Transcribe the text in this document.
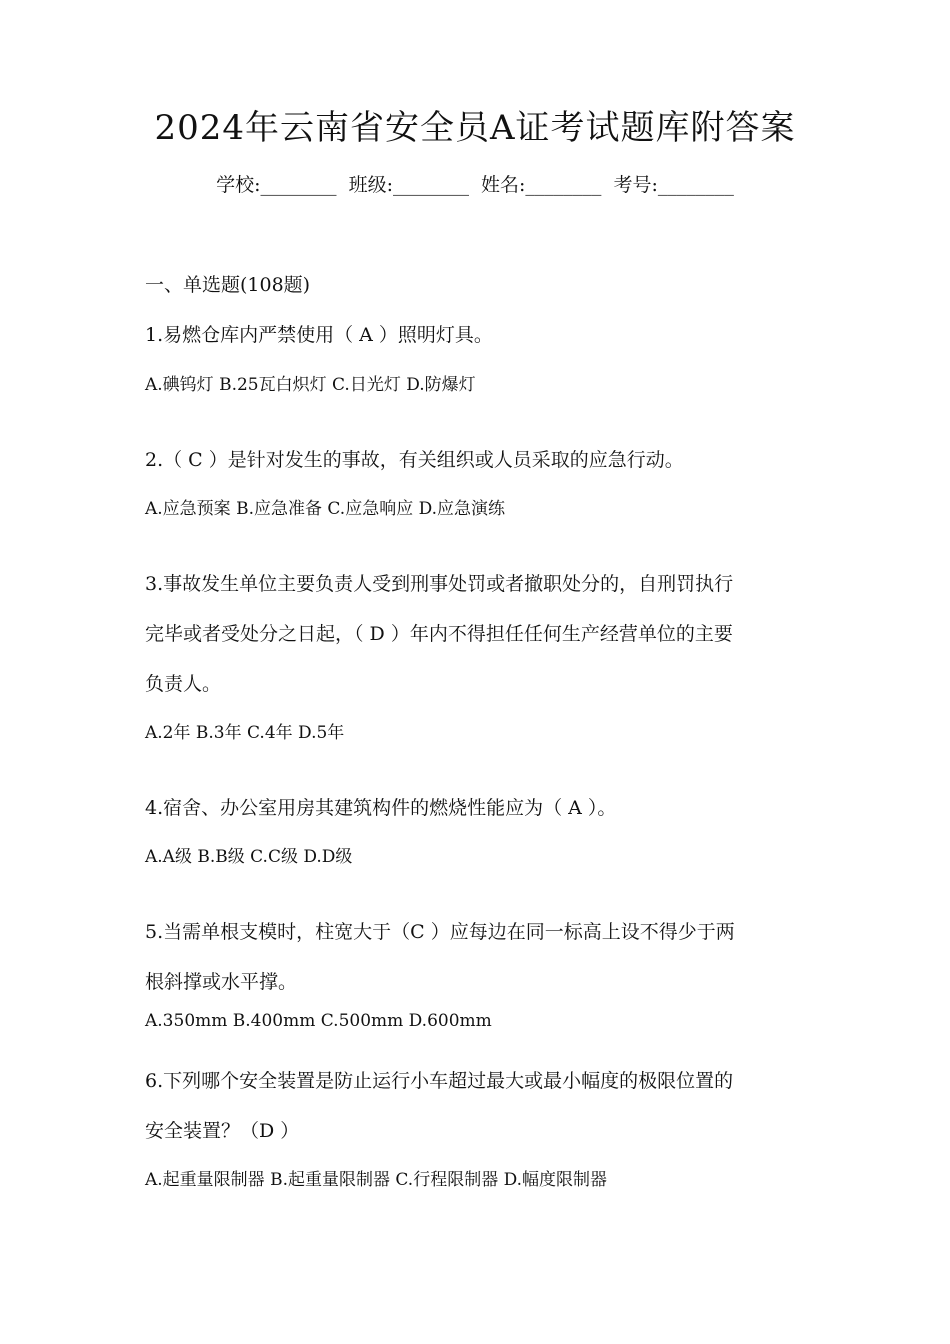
2024年云南省安全员A证考试题库附答案
学校:________ 班级:________ 姓名:________ 考号:________
一、单选题(108题)
1.易燃仓库内严禁使用（ A ）照明灯具。
A.碘钨灯 B.25瓦白炽灯 C.日光灯 D.防爆灯
2.（ C ）是针对发生的事故，有关组织或人员采取的应急行动。
A.应急预案 B.应急准备 C.应急响应 D.应急演练
3.事故发生单位主要负责人受到刑事处罚或者撤职处分的，自刑罚执行
完毕或者受处分之日起，（ D ）年内不得担任任何生产经营单位的主要
负责人。
A.2年 B.3年 C.4年 D.5年
4.宿舍、办公室用房其建筑构件的燃烧性能应为（ A ）。
A.A级 B.B级 C.C级 D.D级
5.当需单根支模时，柱宽大于（C ）应每边在同一标高上设不得少于两
根斜撑或水平撑。
A.350mm B.400mm C.500mm D.600mm
6.下列哪个安全装置是防止运行小车超过最大或最小幅度的极限位置的
安全装置？（D ）
A.起重量限制器 B.起重量限制器 C.行程限制器 D.幅度限制器
